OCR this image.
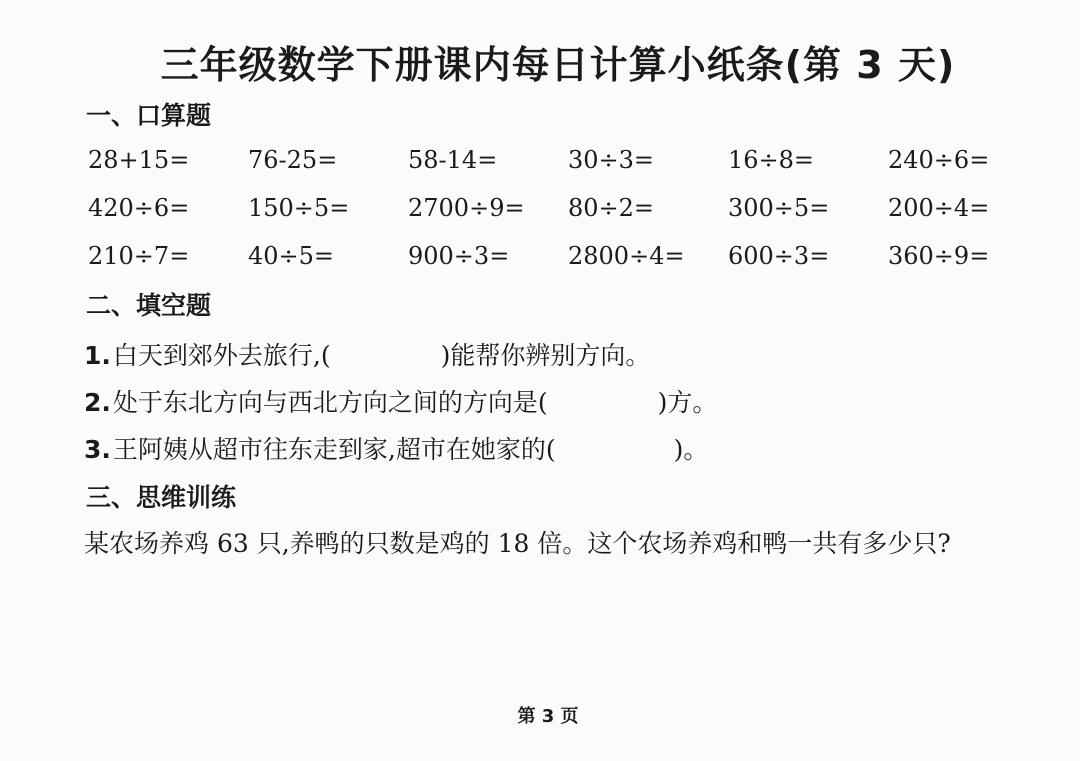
三年级数学下册课内每日计算小纸条(第 3 天)
一、口算题
28+15=	76-25=	58-14=	30÷3=	16÷8=	240÷6=
420÷6=	150÷5=	2700÷9=	80÷2=	300÷5=	200÷4=
210÷7=	40÷5=	900÷3=	2800÷4=	600÷3=	360÷9=
二、填空题
1. 白天到郊外去旅行,(	)能帮你辨别方向。
2. 处于东北方向与西北方向之间的方向是(	)方。
3. 王阿姨从超市往东走到家,超市在她家的(	)。
三、思维训练
某农场养鸡 63 只,养鸭的只数是鸡的 18 倍。这个农场养鸡和鸭一共有多少只?
第 3 页
